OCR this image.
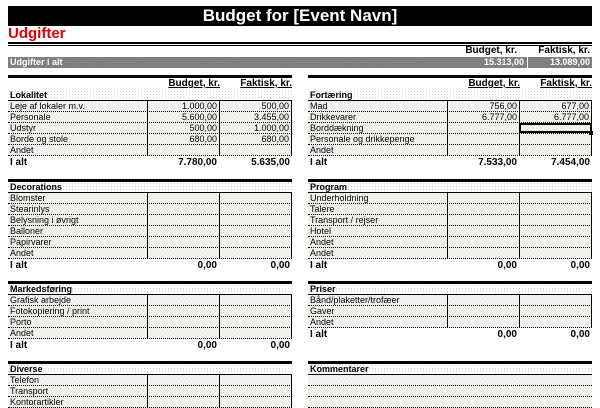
Budget for [Event Navn]
Udgifter
Budget, kr.	Faktisk, kr.
Udgifter i alt	15.313,00	13.089,00
Budget, kr.	Faktisk, kr.
Lokalitet
Leje af lokaler m.v.	1.000,00	500,00
Personale	5.600,00	3.455,00
Udstyr	500,00	1.000,00
Borde og stole	680,00	680,00
Andet
I alt	7.780,00	5.635,00
Budget, kr.	Faktisk, kr.
Fortæring
Mad	756,00	677,00
Drikkevarer	6.777,00	6.777,00
Borddækning
Personale og drikkepenge
Andet
I alt	7.533,00	7.454,00
Decorations
Blomster
Stearinlys
Belysning i øvrigt
Balloner
Papirvarer
Andet
I alt	0,00	0,00
Program
Underholdning
Talere
Transport / rejser
Hotel
Andet
Andet
I alt	0,00	0,00
Markedsføring
Grafisk arbejde
Fotokopiering / print
Porto
Andet
I alt	0,00	0,00
Priser
Bånd/plaketter/trofæer
Gaver
Andet
I alt	0,00	0,00
Diverse
Telefon
Transport
Kontorartikler
Kommentarer
